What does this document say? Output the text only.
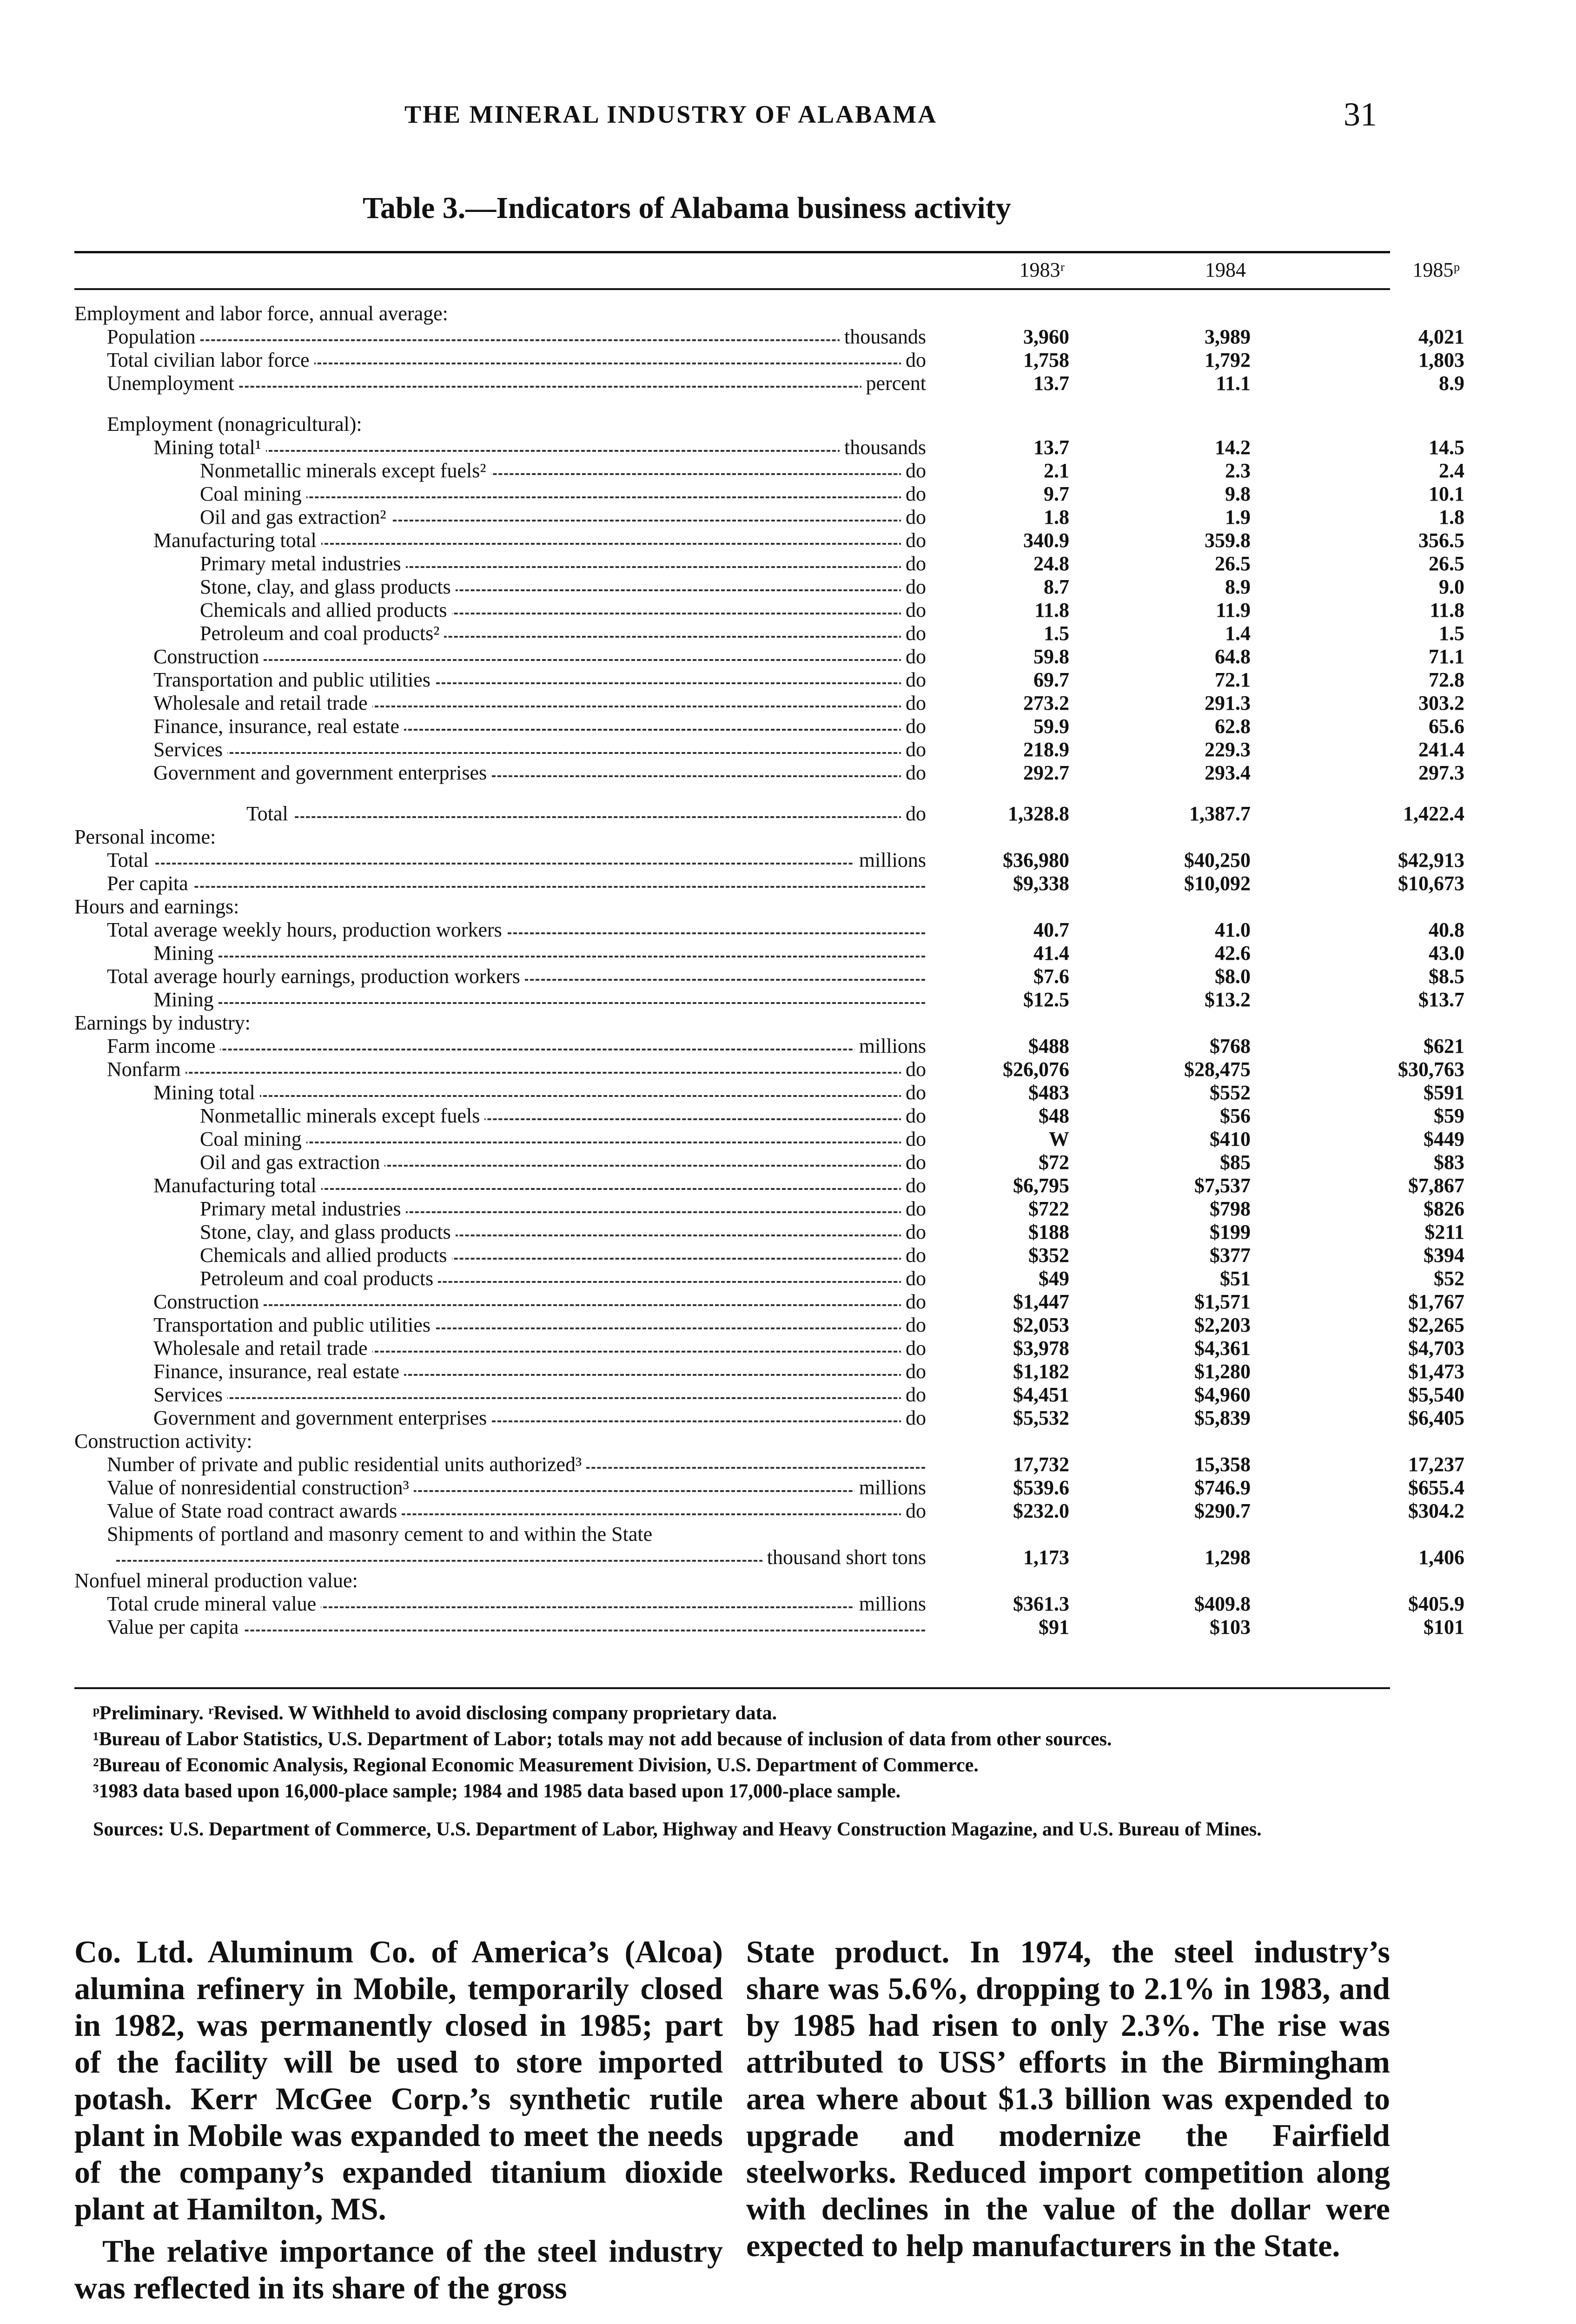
THE MINERAL INDUSTRY OF ALABAMA	31
Table 3.—Indicators of Alabama business activity
1983ʳ	1984	1985ᵖ
Employment and labor force, annual average:
Population	thousands	3,960	3,989	4,021
Total civilian labor force	do	1,758	1,792	1,803
Unemployment	percent	13.7	11.1	8.9
Employment (nonagricultural):
Mining total¹	thousands	13.7	14.2	14.5
Nonmetallic minerals except fuels²	do	2.1	2.3	2.4
Coal mining	do	9.7	9.8	10.1
Oil and gas extraction²	do	1.8	1.9	1.8
Manufacturing total	do	340.9	359.8	356.5
Primary metal industries	do	24.8	26.5	26.5
Stone, clay, and glass products	do	8.7	8.9	9.0
Chemicals and allied products	do	11.8	11.9	11.8
Petroleum and coal products²	do	1.5	1.4	1.5
Construction	do	59.8	64.8	71.1
Transportation and public utilities	do	69.7	72.1	72.8
Wholesale and retail trade	do	273.2	291.3	303.2
Finance, insurance, real estate	do	59.9	62.8	65.6
Services	do	218.9	229.3	241.4
Government and government enterprises	do	292.7	293.4	297.3
Total	do	1,328.8	1,387.7	1,422.4
Personal income:
Total	millions	$36,980	$40,250	$42,913
Per capita	$9,338	$10,092	$10,673
Hours and earnings:
Total average weekly hours, production workers	40.7	41.0	40.8
Mining	41.4	42.6	43.0
Total average hourly earnings, production workers	$7.6	$8.0	$8.5
Mining	$12.5	$13.2	$13.7
Earnings by industry:
Farm income	millions	$488	$768	$621
Nonfarm	do	$26,076	$28,475	$30,763
Mining total	do	$483	$552	$591
Nonmetallic minerals except fuels	do	$48	$56	$59
Coal mining	do	W	$410	$449
Oil and gas extraction	do	$72	$85	$83
Manufacturing total	do	$6,795	$7,537	$7,867
Primary metal industries	do	$722	$798	$826
Stone, clay, and glass products	do	$188	$199	$211
Chemicals and allied products	do	$352	$377	$394
Petroleum and coal products	do	$49	$51	$52
Construction	do	$1,447	$1,571	$1,767
Transportation and public utilities	do	$2,053	$2,203	$2,265
Wholesale and retail trade	do	$3,978	$4,361	$4,703
Finance, insurance, real estate	do	$1,182	$1,280	$1,473
Services	do	$4,451	$4,960	$5,540
Government and government enterprises	do	$5,532	$5,839	$6,405
Construction activity:
Number of private and public residential units authorized³	17,732	15,358	17,237
Value of nonresidential construction³	millions	$539.6	$746.9	$655.4
Value of State road contract awards	do	$232.0	$290.7	$304.2
Shipments of portland and masonry cement to and within the State
thousand short tons	1,173	1,298	1,406
Nonfuel mineral production value:
Total crude mineral value	millions	$361.3	$409.8	$405.9
Value per capita	$91	$103	$101

ᵖPreliminary. ʳRevised. W Withheld to avoid disclosing company proprietary data.

¹Bureau of Labor Statistics, U.S. Department of Labor; totals may not add because of inclusion of data from other sources.

²Bureau of Economic Analysis, Regional Economic Measurement Division, U.S. Department of Commerce.

³1983 data based upon 16,000-place sample; 1984 and 1985 data based upon 17,000-place sample.

Sources: U.S. Department of Commerce, U.S. Department of Labor, Highway and Heavy Construction Magazine, and U.S. Bureau of Mines.

Co. Ltd. Aluminum Co. of America’s (Alcoa) alumina refinery in Mobile, temporarily closed in 1982, was permanently closed in 1985; part of the facility will be used to store imported potash. Kerr McGee Corp.’s synthetic rutile plant in Mobile was expanded to meet the needs of the company’s expanded titanium dioxide plant at Hamilton, MS.

The relative importance of the steel industry was reflected in its share of the gross

State product. In 1974, the steel industry’s share was 5.6%, dropping to 2.1% in 1983, and by 1985 had risen to only 2.3%. The rise was attributed to USS’ efforts in the Birmingham area where about $1.3 billion was expended to upgrade and modernize the Fairfield steelworks. Reduced import competition along with declines in the value of the dollar were expected to help manufacturers in the State.
